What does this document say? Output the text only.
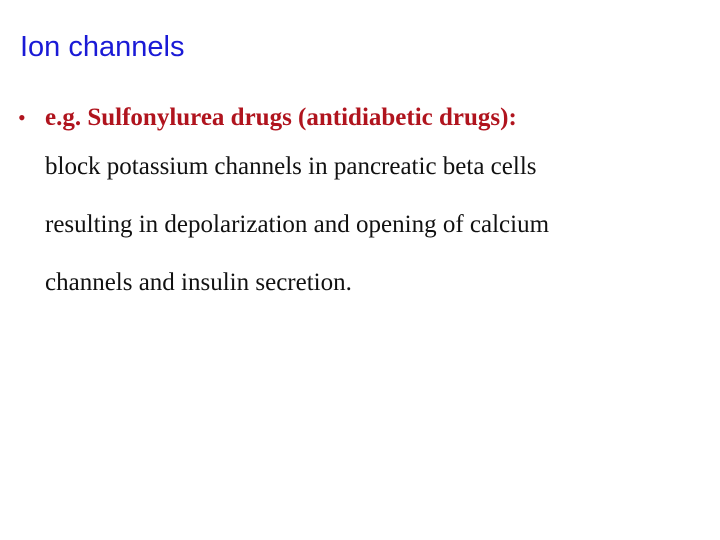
Ion channels
• e.g. Sulfonylurea drugs (antidiabetic drugs):
block potassium channels in pancreatic beta cells
resulting in depolarization and opening of calcium
channels and insulin secretion.
